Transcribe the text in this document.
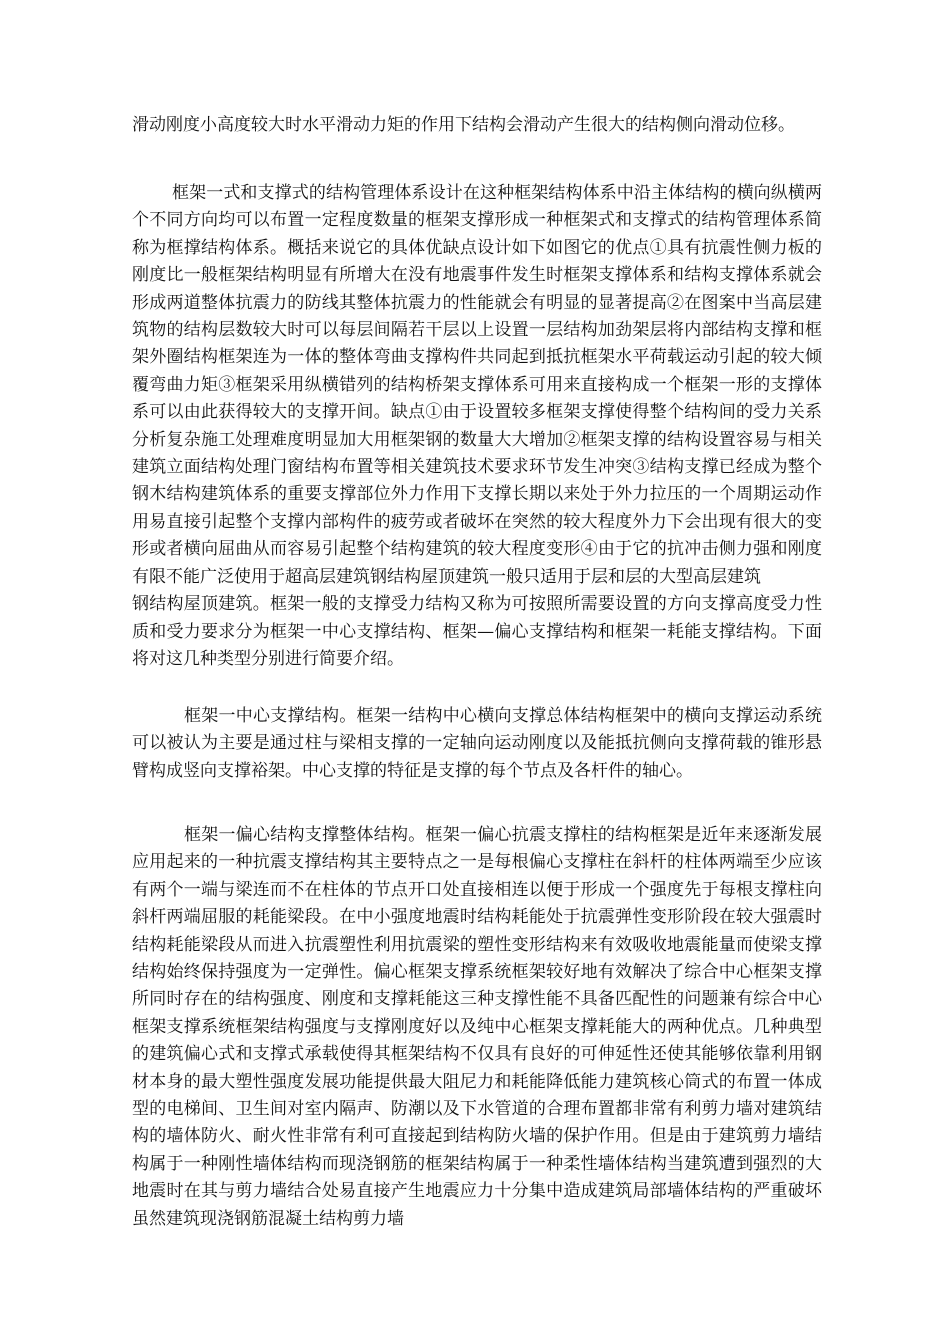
滑动刚度小高度较大时水平滑动力矩的作用下结构会滑动产生很大的结构侧向滑动位移。

框架一式和支撑式的结构管理体系设计在这种框架结构体系中沿主体结构的横向纵横两个不同方向均可以布置一定程度数量的框架支撑形成一种框架式和支撑式的结构管理体系简称为框撑结构体系。概括来说它的具体优缺点设计如下如图它的优点①具有抗震性侧力板的刚度比一般框架结构明显有所增大在没有地震事件发生时框架支撑体系和结构支撑体系就会形成两道整体抗震力的防线其整体抗震力的性能就会有明显的显著提高②在图案中当高层建筑物的结构层数较大时可以每层间隔若干层以上设置一层结构加劲架层将内部结构支撑和框架外圈结构框架连为一体的整体弯曲支撑构件共同起到抵抗框架水平荷载运动引起的较大倾覆弯曲力矩③框架采用纵横错列的结构桥架支撑体系可用来直接构成一个框架一形的支撑体系可以由此获得较大的支撑开间。缺点①由于设置较多框架支撑使得整个结构间的受力关系分析复杂施工处理难度明显加大用框架钢的数量大大增加②框架支撑的结构设置容易与相关建筑立面结构处理门窗结构布置等相关建筑技术要求环节发生冲突③结构支撑已经成为整个钢木结构建筑体系的重要支撑部位外力作用下支撑长期以来处于外力拉压的一个周期运动作用易直接引起整个支撑内部构件的疲劳或者破坏在突然的较大程度外力下会出现有很大的变形或者横向屈曲从而容易引起整个结构建筑的较大程度变形④由于它的抗冲击侧力强和刚度有限不能广泛使用于超高层建筑钢结构屋顶建筑一般只适用于层和层的大型高层建筑
钢结构屋顶建筑。框架一般的支撑受力结构又称为可按照所需要设置的方向支撑高度受力性质和受力要求分为框架一中心支撑结构、框架—偏心支撑结构和框架一耗能支撑结构。下面将对这几种类型分别进行简要介绍。

框架一中心支撑结构。框架一结构中心横向支撑总体结构框架中的横向支撑运动系统可以被认为主要是通过柱与梁相支撑的一定轴向运动刚度以及能抵抗侧向支撑荷载的锥形悬臂构成竖向支撑裕架。中心支撑的特征是支撑的每个节点及各杆件的轴心。

框架一偏心结构支撑整体结构。框架一偏心抗震支撑柱的结构框架是近年来逐渐发展应用起来的一种抗震支撑结构其主要特点之一是每根偏心支撑柱在斜杆的柱体两端至少应该有两个一端与梁连而不在柱体的节点开口处直接相连以便于形成一个强度先于每根支撑柱向斜杆两端屈服的耗能梁段。在中小强度地震时结构耗能处于抗震弹性变形阶段在较大强震时结构耗能梁段从而进入抗震塑性利用抗震梁的塑性变形结构来有效吸收地震能量而使梁支撑结构始终保持强度为一定弹性。偏心框架支撑系统框架较好地有效解决了综合中心框架支撑所同时存在的结构强度、刚度和支撑耗能这三种支撑性能不具备匹配性的问题兼有综合中心框架支撑系统框架结构强度与支撑刚度好以及纯中心框架支撑耗能大的两种优点。几种典型的建筑偏心式和支撑式承载使得其框架结构不仅具有良好的可伸延性还使其能够依靠利用钢材本身的最大塑性强度发展功能提供最大阻尼力和耗能降低能力建筑核心筒式的布置一体成型的电梯间、卫生间对室内隔声、防潮以及下水管道的合理布置都非常有利剪力墙对建筑结构的墙体防火、耐火性非常有利可直接起到结构防火墙的保护作用。但是由于建筑剪力墙结构属于一种刚性墙体结构而现浇钢筋的框架结构属于一种柔性墙体结构当建筑遭到强烈的大地震时在其与剪力墙结合处易直接产生地震应力十分集中造成建筑局部墙体结构的严重破坏虽然建筑现浇钢筋混凝土结构剪力墙
